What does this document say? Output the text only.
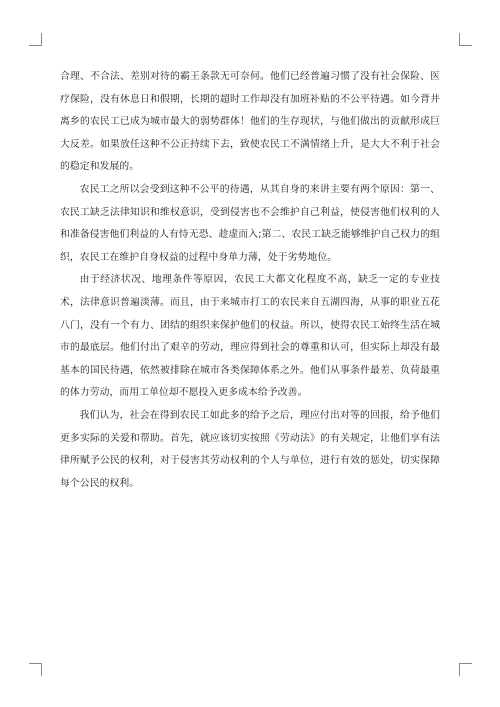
合理、不合法、差别对待的霸王条款无可奈何。他们已经普遍习惯了没有社会保险、医疗保险，没有休息日和假期，长期的超时工作却没有加班补贴的不公平待遇。如今背井离乡的农民工已成为城市最大的弱势群体！他们的生存现状，与他们做出的贡献形成巨大反差。如果放任这种不公正持续下去，致使农民工不满情绪上升，是大大不利于社会的稳定和发展的。

农民工之所以会受到这种不公平的待遇，从其自身的来讲主要有两个原因：第一、农民工缺乏法律知识和维权意识，受到侵害也不会维护自己利益，使侵害他们权利的人和准备侵害他们利益的人有恃无恐、趁虚而入;第二、农民工缺乏能够维护自己权力的组织，农民工在维护自身权益的过程中身单力薄，处于劣势地位。

由于经济状况、地理条件等原因，农民工大都文化程度不高，缺乏一定的专业技术，法律意识普遍淡薄。而且，由于来城市打工的农民来自五湖四海，从事的职业五花八门，没有一个有力、团结的组织来保护他们的权益。所以，使得农民工始终生活在城市的最底层。他们付出了艰辛的劳动，理应得到社会的尊重和认可，但实际上却没有最基本的国民待遇，依然被排除在城市各类保障体系之外。他们从事条件最差、负荷最重的体力劳动，而用工单位却不愿投入更多成本给予改善。

我们认为，社会在得到农民工如此多的给予之后，理应付出对等的回报，给予他们更多实际的关爱和帮助。首先，就应该切实按照《劳动法》的有关规定，让他们享有法律所赋予公民的权利，对于侵害其劳动权利的个人与单位，进行有效的惩处，切实保障每个公民的权利。
